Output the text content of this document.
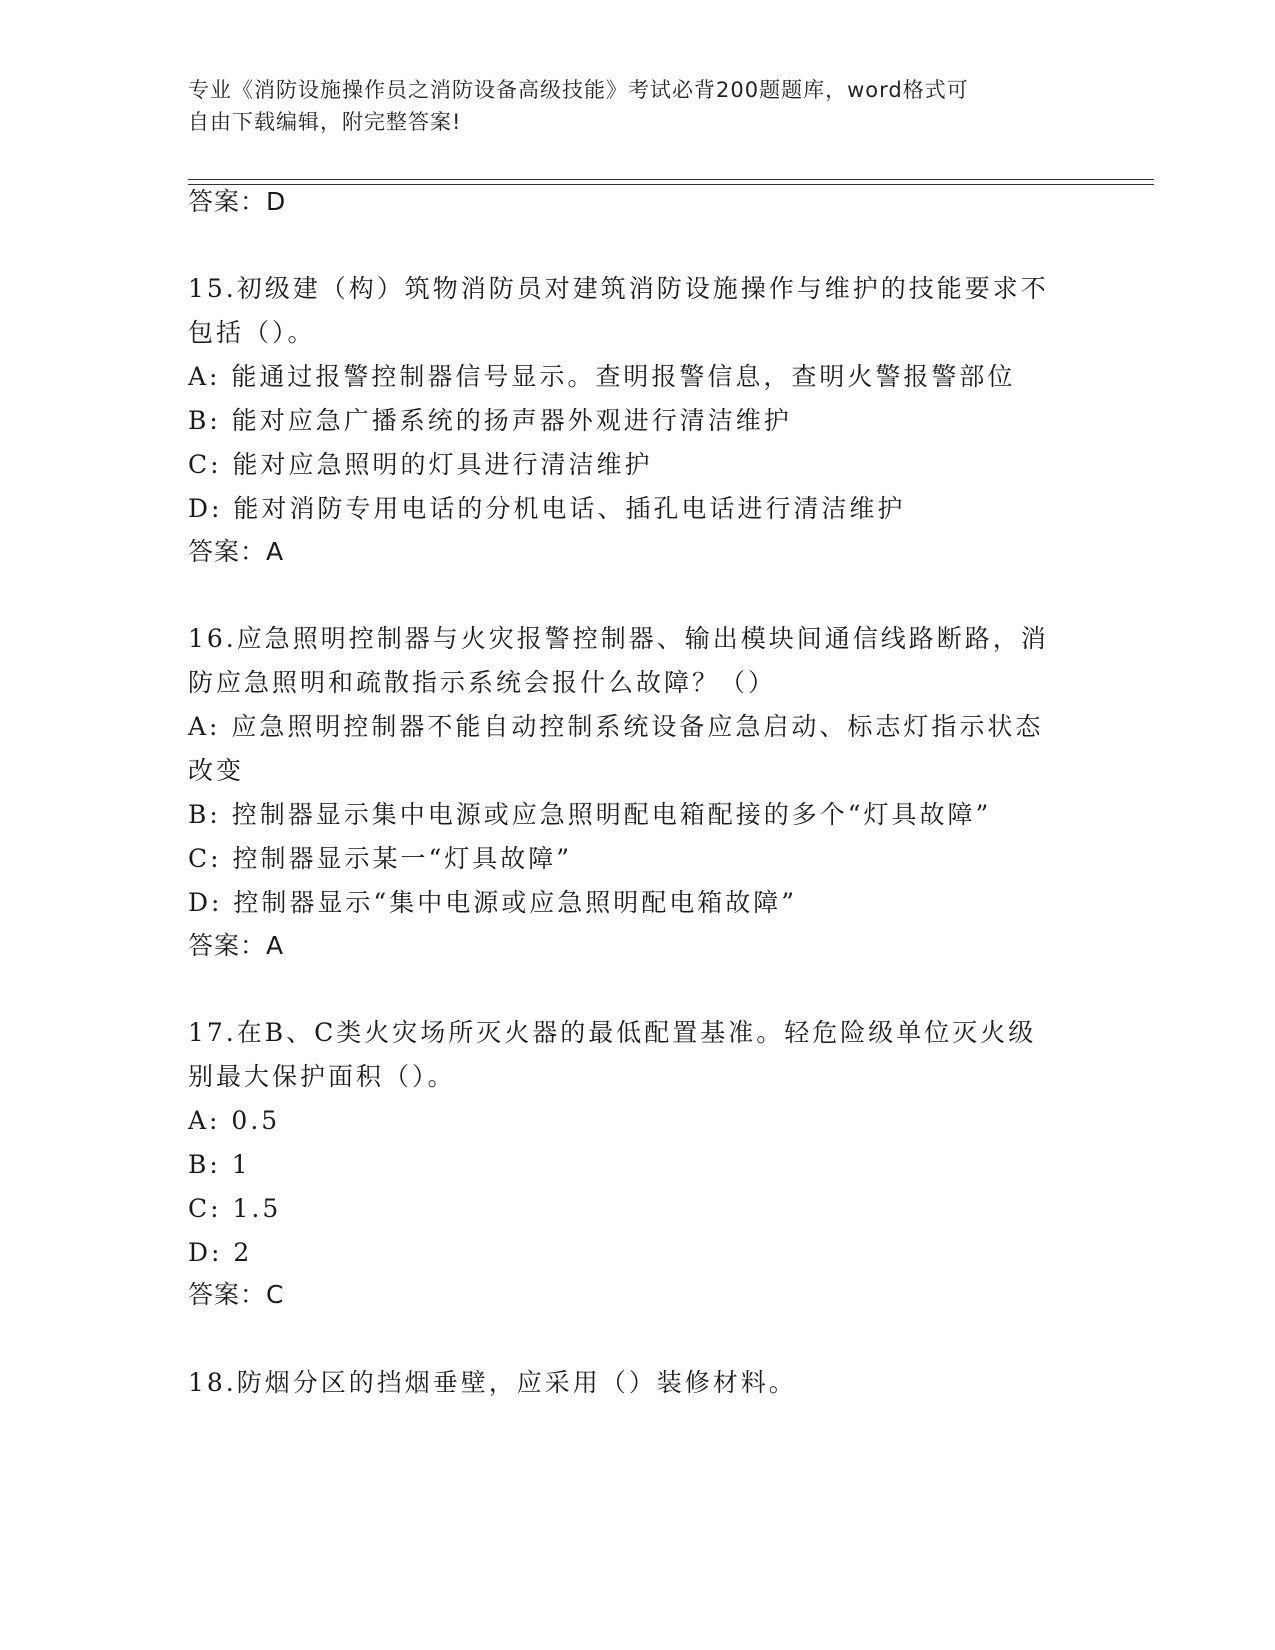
专业《消防设施操作员之消防设备高级技能》考试必背200题题库，word格式可
自由下载编辑，附完整答案!
答案：D
15.初级建（构）筑物消防员对建筑消防设施操作与维护的技能要求不
包括（）。
A: 能通过报警控制器信号显示。查明报警信息，查明火警报警部位
B: 能对应急广播系统的扬声器外观进行清洁维护
C: 能对应急照明的灯具进行清洁维护
D: 能对消防专用电话的分机电话、插孔电话进行清洁维护
答案：A
16.应急照明控制器与火灾报警控制器、输出模块间通信线路断路，消
防应急照明和疏散指示系统会报什么故障？（）
A: 应急照明控制器不能自动控制系统设备应急启动、标志灯指示状态
改变
B: 控制器显示集中电源或应急照明配电箱配接的多个“灯具故障”
C: 控制器显示某一“灯具故障”
D: 控制器显示“集中电源或应急照明配电箱故障”
答案：A
17.在B、C类火灾场所灭火器的最低配置基准。轻危险级单位灭火级
别最大保护面积（）。
A: 0.5
B: 1
C: 1.5
D: 2
答案：C
18.防烟分区的挡烟垂壁，应采用（）装修材料。
